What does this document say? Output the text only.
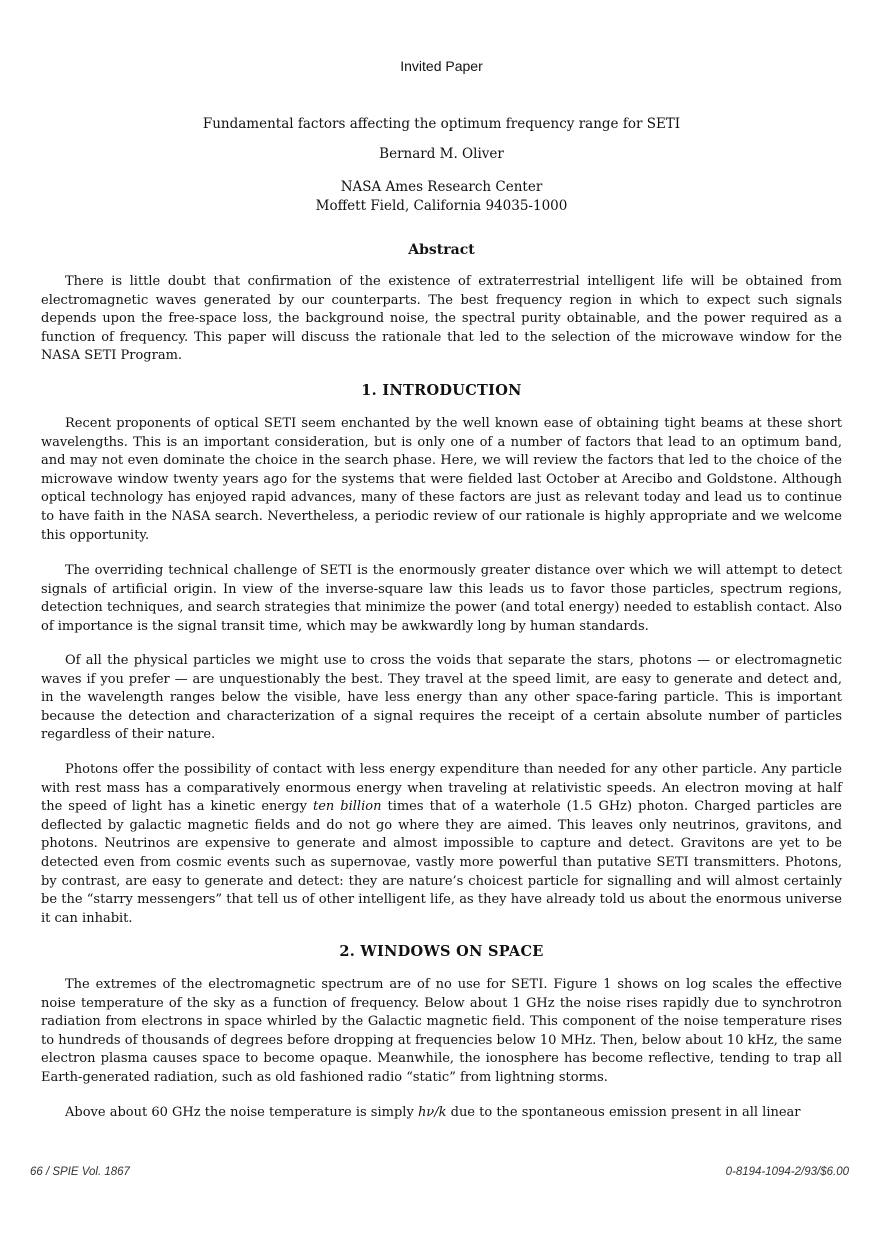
Invited Paper
Fundamental factors affecting the optimum frequency range for SETI
Bernard M. Oliver
NASA Ames Research Center
Moffett Field, California 94035-1000
Abstract

There is little doubt that confirmation of the existence of extraterrestrial intelligent life will be obtained from electromagnetic waves generated by our counterparts. The best frequency region in which to expect such signals depends upon the free-space loss, the background noise, the spectral purity obtainable, and the power required as a function of frequency. This paper will discuss the rationale that led to the selection of the microwave window for the NASA SETI Program.

1. INTRODUCTION

Recent proponents of optical SETI seem enchanted by the well known ease of obtaining tight beams at these short wavelengths. This is an important consideration, but is only one of a number of factors that lead to an optimum band, and may not even dominate the choice in the search phase. Here, we will review the factors that led to the choice of the microwave window twenty years ago for the systems that were fielded last October at Arecibo and Goldstone. Although optical technology has enjoyed rapid advances, many of these factors are just as relevant today and lead us to continue to have faith in the NASA search. Nevertheless, a periodic review of our rationale is highly appropriate and we welcome this opportunity.

The overriding technical challenge of SETI is the enormously greater distance over which we will attempt to detect signals of artificial origin. In view of the inverse-square law this leads us to favor those particles, spectrum regions, detection techniques, and search strategies that minimize the power (and total energy) needed to establish contact. Also of importance is the signal transit time, which may be awkwardly long by human standards.

Of all the physical particles we might use to cross the voids that separate the stars, photons — or electromagnetic waves if you prefer — are unquestionably the best. They travel at the speed limit, are easy to generate and detect and, in the wavelength ranges below the visible, have less energy than any other space-faring particle. This is important because the detection and characterization of a signal requires the receipt of a certain absolute number of particles regardless of their nature.

Photons offer the possibility of contact with less energy expenditure than needed for any other particle. Any particle with rest mass has a comparatively enormous energy when traveling at relativistic speeds. An electron moving at half the speed of light has a kinetic energy ten billion times that of a waterhole (1.5 GHz) photon. Charged particles are deflected by galactic magnetic fields and do not go where they are aimed. This leaves only neutrinos, gravitons, and photons. Neutrinos are expensive to generate and almost impossible to capture and detect. Gravitons are yet to be detected even from cosmic events such as supernovae, vastly more powerful than putative SETI transmitters. Photons, by contrast, are easy to generate and detect: they are nature’s choicest particle for signalling and will almost certainly be the “starry messengers” that tell us of other intelligent life, as they have already told us about the enormous universe it can inhabit.

2. WINDOWS ON SPACE

The extremes of the electromagnetic spectrum are of no use for SETI. Figure 1 shows on log scales the effective noise temperature of the sky as a function of frequency. Below about 1 GHz the noise rises rapidly due to synchrotron radiation from electrons in space whirled by the Galactic magnetic field. This component of the noise temperature rises to hundreds of thousands of degrees before dropping at frequencies below 10 MHz. Then, below about 10 kHz, the same electron plasma causes space to become opaque. Meanwhile, the ionosphere has become reflective, tending to trap all Earth-generated radiation, such as old fashioned radio “static” from lightning storms.

Above about 60 GHz the noise temperature is simply hν/k due to the spontaneous emission present in all linear

66 / SPIE Vol. 1867	0-8194-1094-2/93/$6.00
